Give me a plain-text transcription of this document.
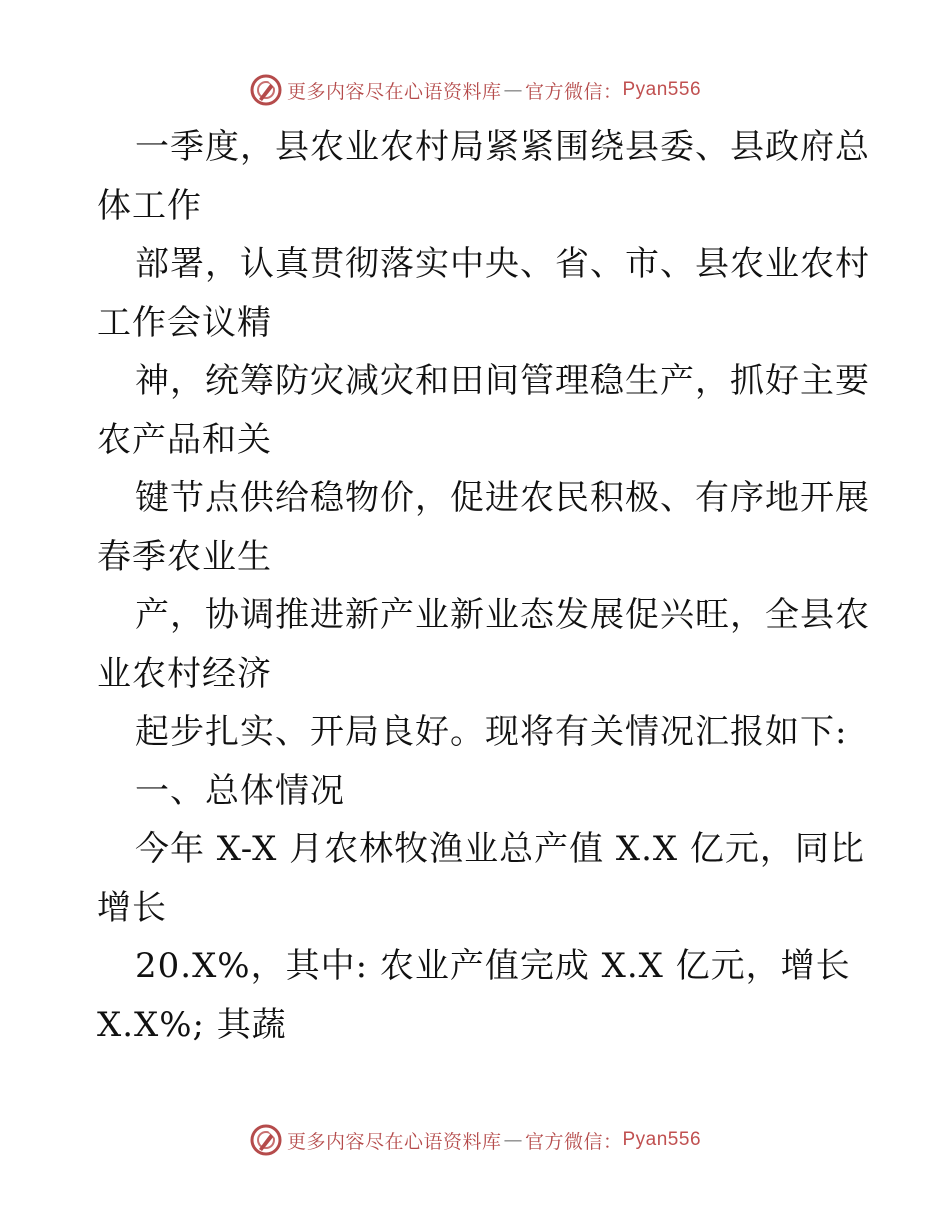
更多内容尽在心语资料库 — 官方微信： Pyan556
一季度，县农业农村局紧紧围绕县委、县政府总
体工作
部署，认真贯彻落实中央、省、市、县农业农村
工作会议精
神，统筹防灾减灾和田间管理稳生产，抓好主要
农产品和关
键节点供给稳物价，促进农民积极、有序地开展
春季农业生
产，协调推进新产业新业态发展促兴旺，全县农
业农村经济
起步扎实、开局良好。现将有关情况汇报如下:
一、总体情况
今年 X-X 月农林牧渔业总产值 X.X 亿元，同比
增长
20.X%，其中: 农业产值完成 X.X 亿元，增长
X.X%; 其蔬
更多内容尽在心语资料库 — 官方微信： Pyan556
